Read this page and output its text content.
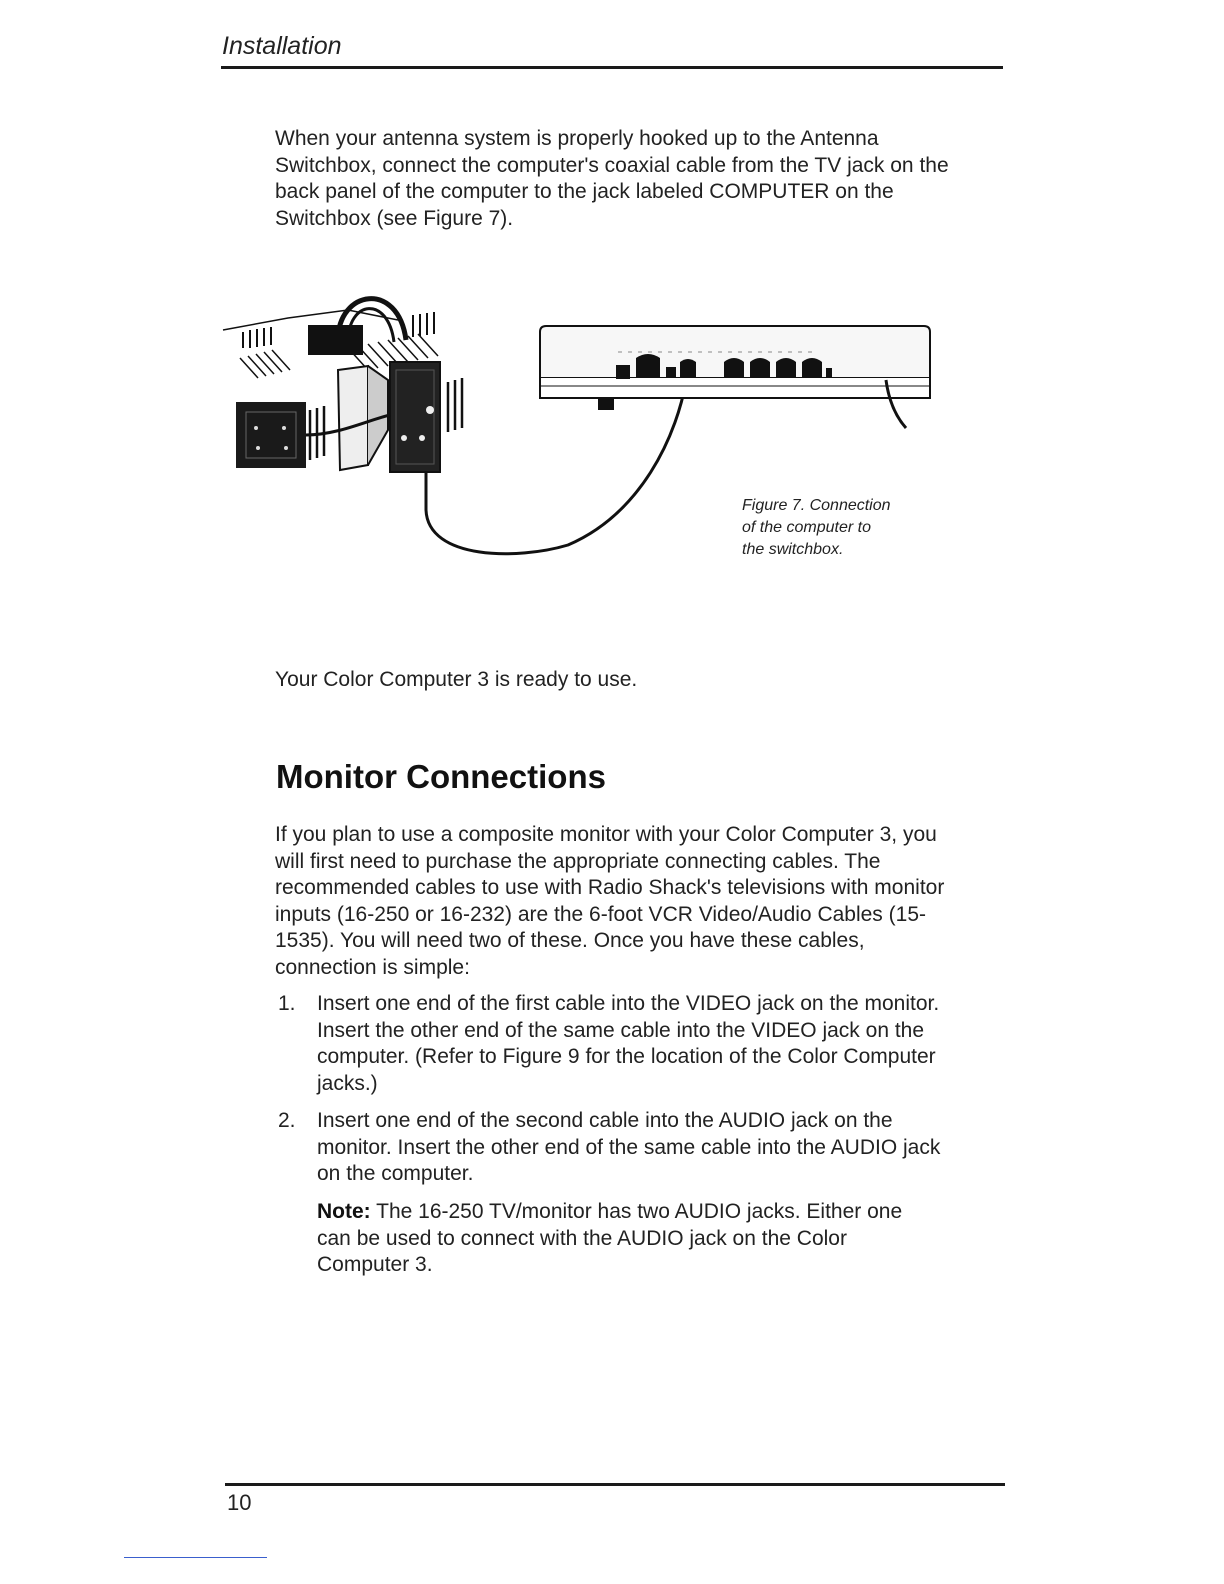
Installation
When your antenna system is properly hooked up to the Antenna Switchbox, connect the computer's coaxial cable from the TV jack on the back panel of the computer to the jack labeled COMPUTER on the Switchbox (see Figure 7).
Figure 7. Connection
of the computer to
the switchbox.
Your Color Computer 3 is ready to use.
Monitor Connections
If you plan to use a composite monitor with your Color Computer 3, you will first need to purchase the appropriate connecting cables. The recommended cables to use with Radio Shack's televisions with monitor inputs (16-250 or 16-232) are the 6-foot VCR Video/Audio Cables (15-1535). You will need two of these. Once you have these cables, connection is simple:
1. Insert one end of the first cable into the VIDEO jack on the monitor. Insert the other end of the same cable into the VIDEO jack on the computer. (Refer to Figure 9 for the location of the Color Computer jacks.)
2. Insert one end of the second cable into the AUDIO jack on the monitor. Insert the other end of the same cable into the AUDIO jack on the computer.
Note: The 16-250 TV/monitor has two AUDIO jacks. Either one can be used to connect with the AUDIO jack on the Color Computer 3.
10
